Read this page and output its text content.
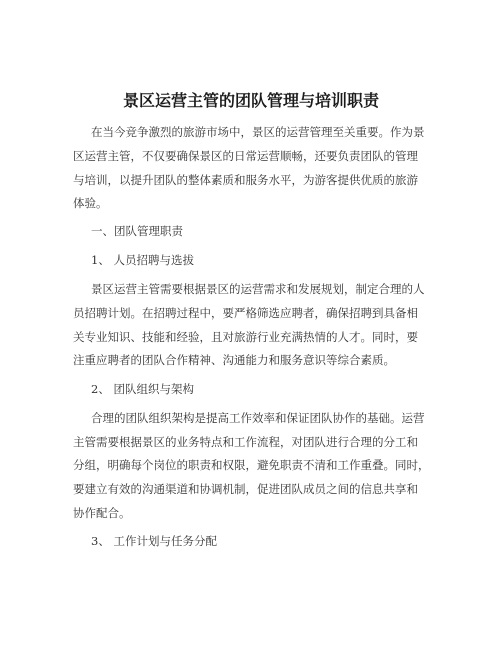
景区运营主管的团队管理与培训职责

在当今竞争激烈的旅游市场中，景区的运营管理至关重要。作为景

区运营主管，不仅要确保景区的日常运营顺畅，还要负责团队的管理

与培训，以提升团队的整体素质和服务水平，为游客提供优质的旅游

体验。

一、团队管理职责

1、 人员招聘与选拔

景区运营主管需要根据景区的运营需求和发展规划，制定合理的人

员招聘计划。在招聘过程中，要严格筛选应聘者，确保招聘到具备相

关专业知识、技能和经验，且对旅游行业充满热情的人才。同时，要

注重应聘者的团队合作精神、沟通能力和服务意识等综合素质。

2、 团队组织与架构

合理的团队组织架构是提高工作效率和保证团队协作的基础。运营

主管需要根据景区的业务特点和工作流程，对团队进行合理的分工和

分组，明确每个岗位的职责和权限，避免职责不清和工作重叠。同时，

要建立有效的沟通渠道和协调机制，促进团队成员之间的信息共享和

协作配合。

3、 工作计划与任务分配
